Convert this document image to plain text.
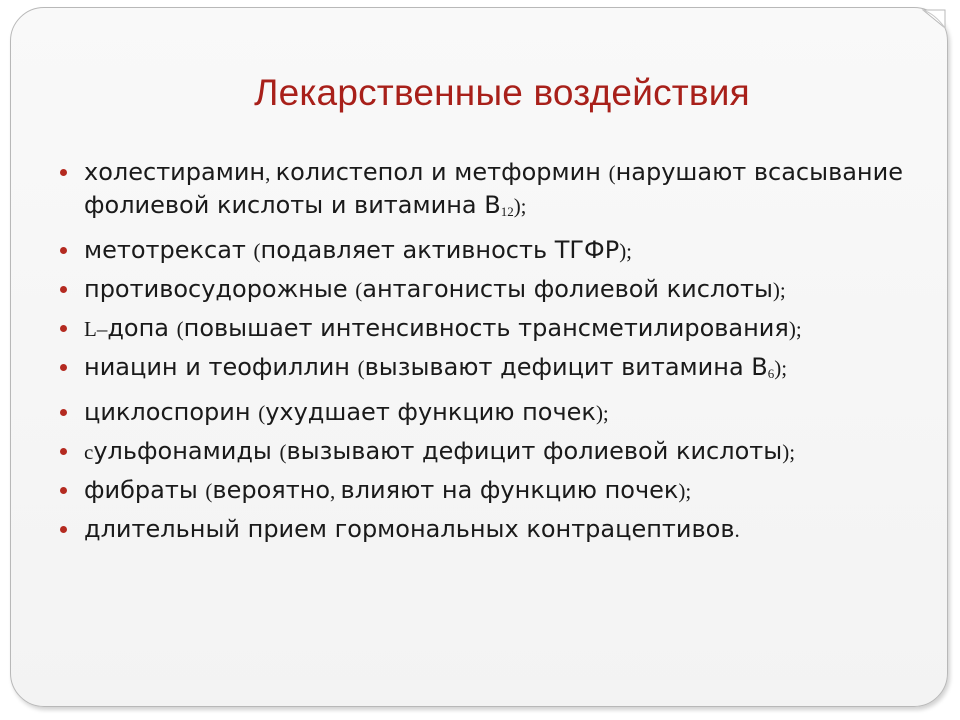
Лекарственные воздействия
холестирамин, колистепол и метформин (нарушают всасывание фолиевой кислоты и витамина $В_{12}$);
метотрексат (подавляет активность ТГФР);
противосудорожные (антагонисты фолиевой кислоты);
L–допа (повышает интенсивность трансметилирования);
ниацин и теофиллин (вызывают дефицит витамина $В_6$);
циклоспорин (ухудшает функцию почек);
сульфонамиды (вызывают дефицит фолиевой кислоты);
фибраты (вероятно, влияют на функцию почек);
длительный прием гормональных контрацептивов.
